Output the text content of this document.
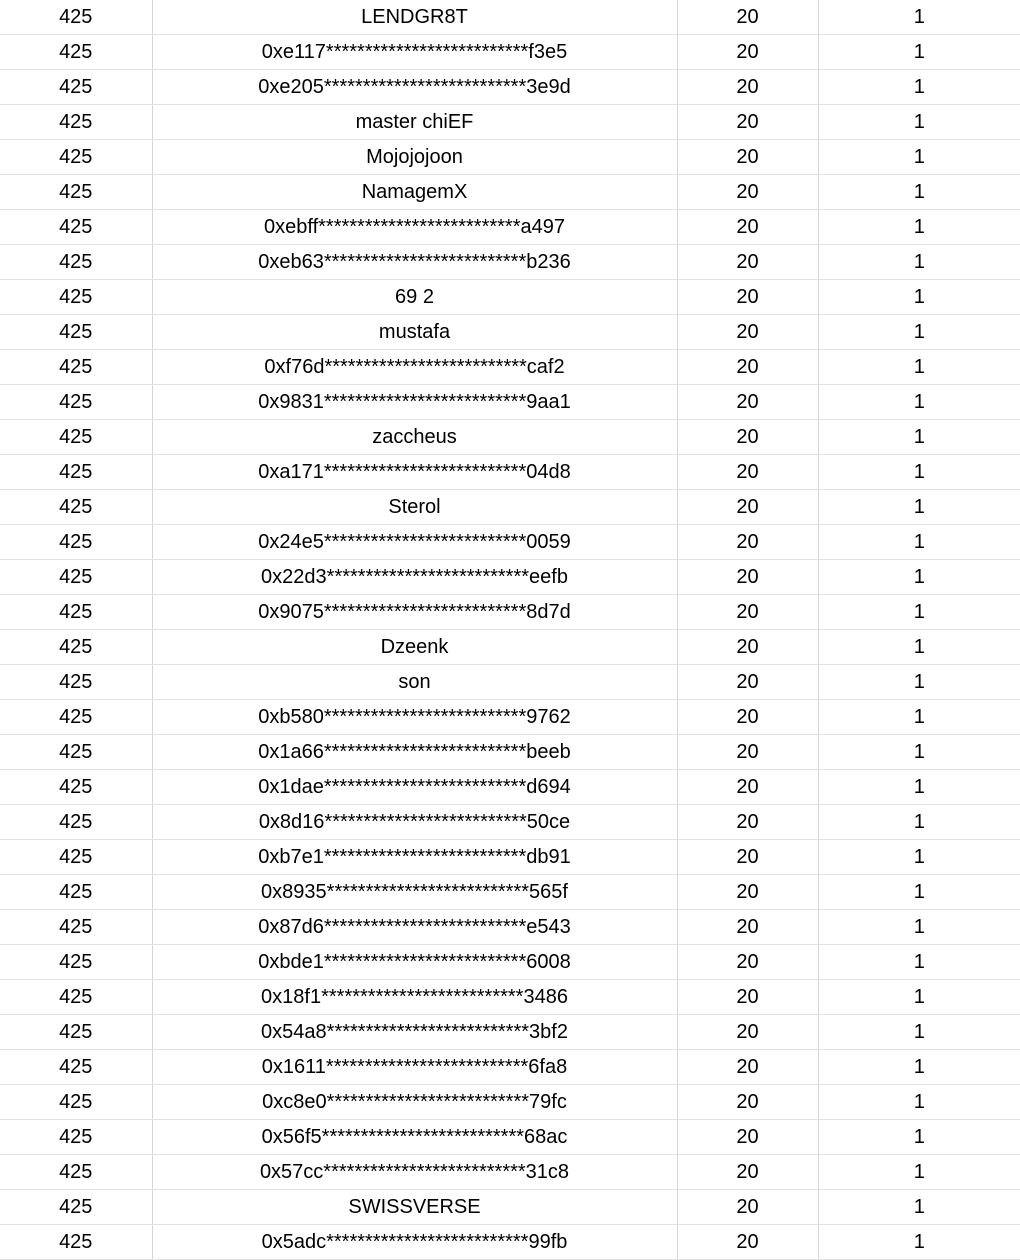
425	LENDGR8T	20	1
425	0xe117**************************f3e5	20	1
425	0xe205**************************3e9d	20	1
425	master chiEF	20	1
425	Mojojojoon	20	1
425	NamagemX	20	1
425	0xebff**************************a497	20	1
425	0xeb63**************************b236	20	1
425	69 2	20	1
425	mustafa	20	1
425	0xf76d**************************caf2	20	1
425	0x9831**************************9aa1	20	1
425	zaccheus	20	1
425	0xa171**************************04d8	20	1
425	Sterol	20	1
425	0x24e5**************************0059	20	1
425	0x22d3**************************eefb	20	1
425	0x9075**************************8d7d	20	1
425	Dzeenk	20	1
425	son	20	1
425	0xb580**************************9762	20	1
425	0x1a66**************************beeb	20	1
425	0x1dae**************************d694	20	1
425	0x8d16**************************50ce	20	1
425	0xb7e1**************************db91	20	1
425	0x8935**************************565f	20	1
425	0x87d6**************************e543	20	1
425	0xbde1**************************6008	20	1
425	0x18f1**************************3486	20	1
425	0x54a8**************************3bf2	20	1
425	0x1611**************************6fa8	20	1
425	0xc8e0**************************79fc	20	1
425	0x56f5**************************68ac	20	1
425	0x57cc**************************31c8	20	1
425	SWISSVERSE	20	1
425	0x5adc**************************99fb	20	1
